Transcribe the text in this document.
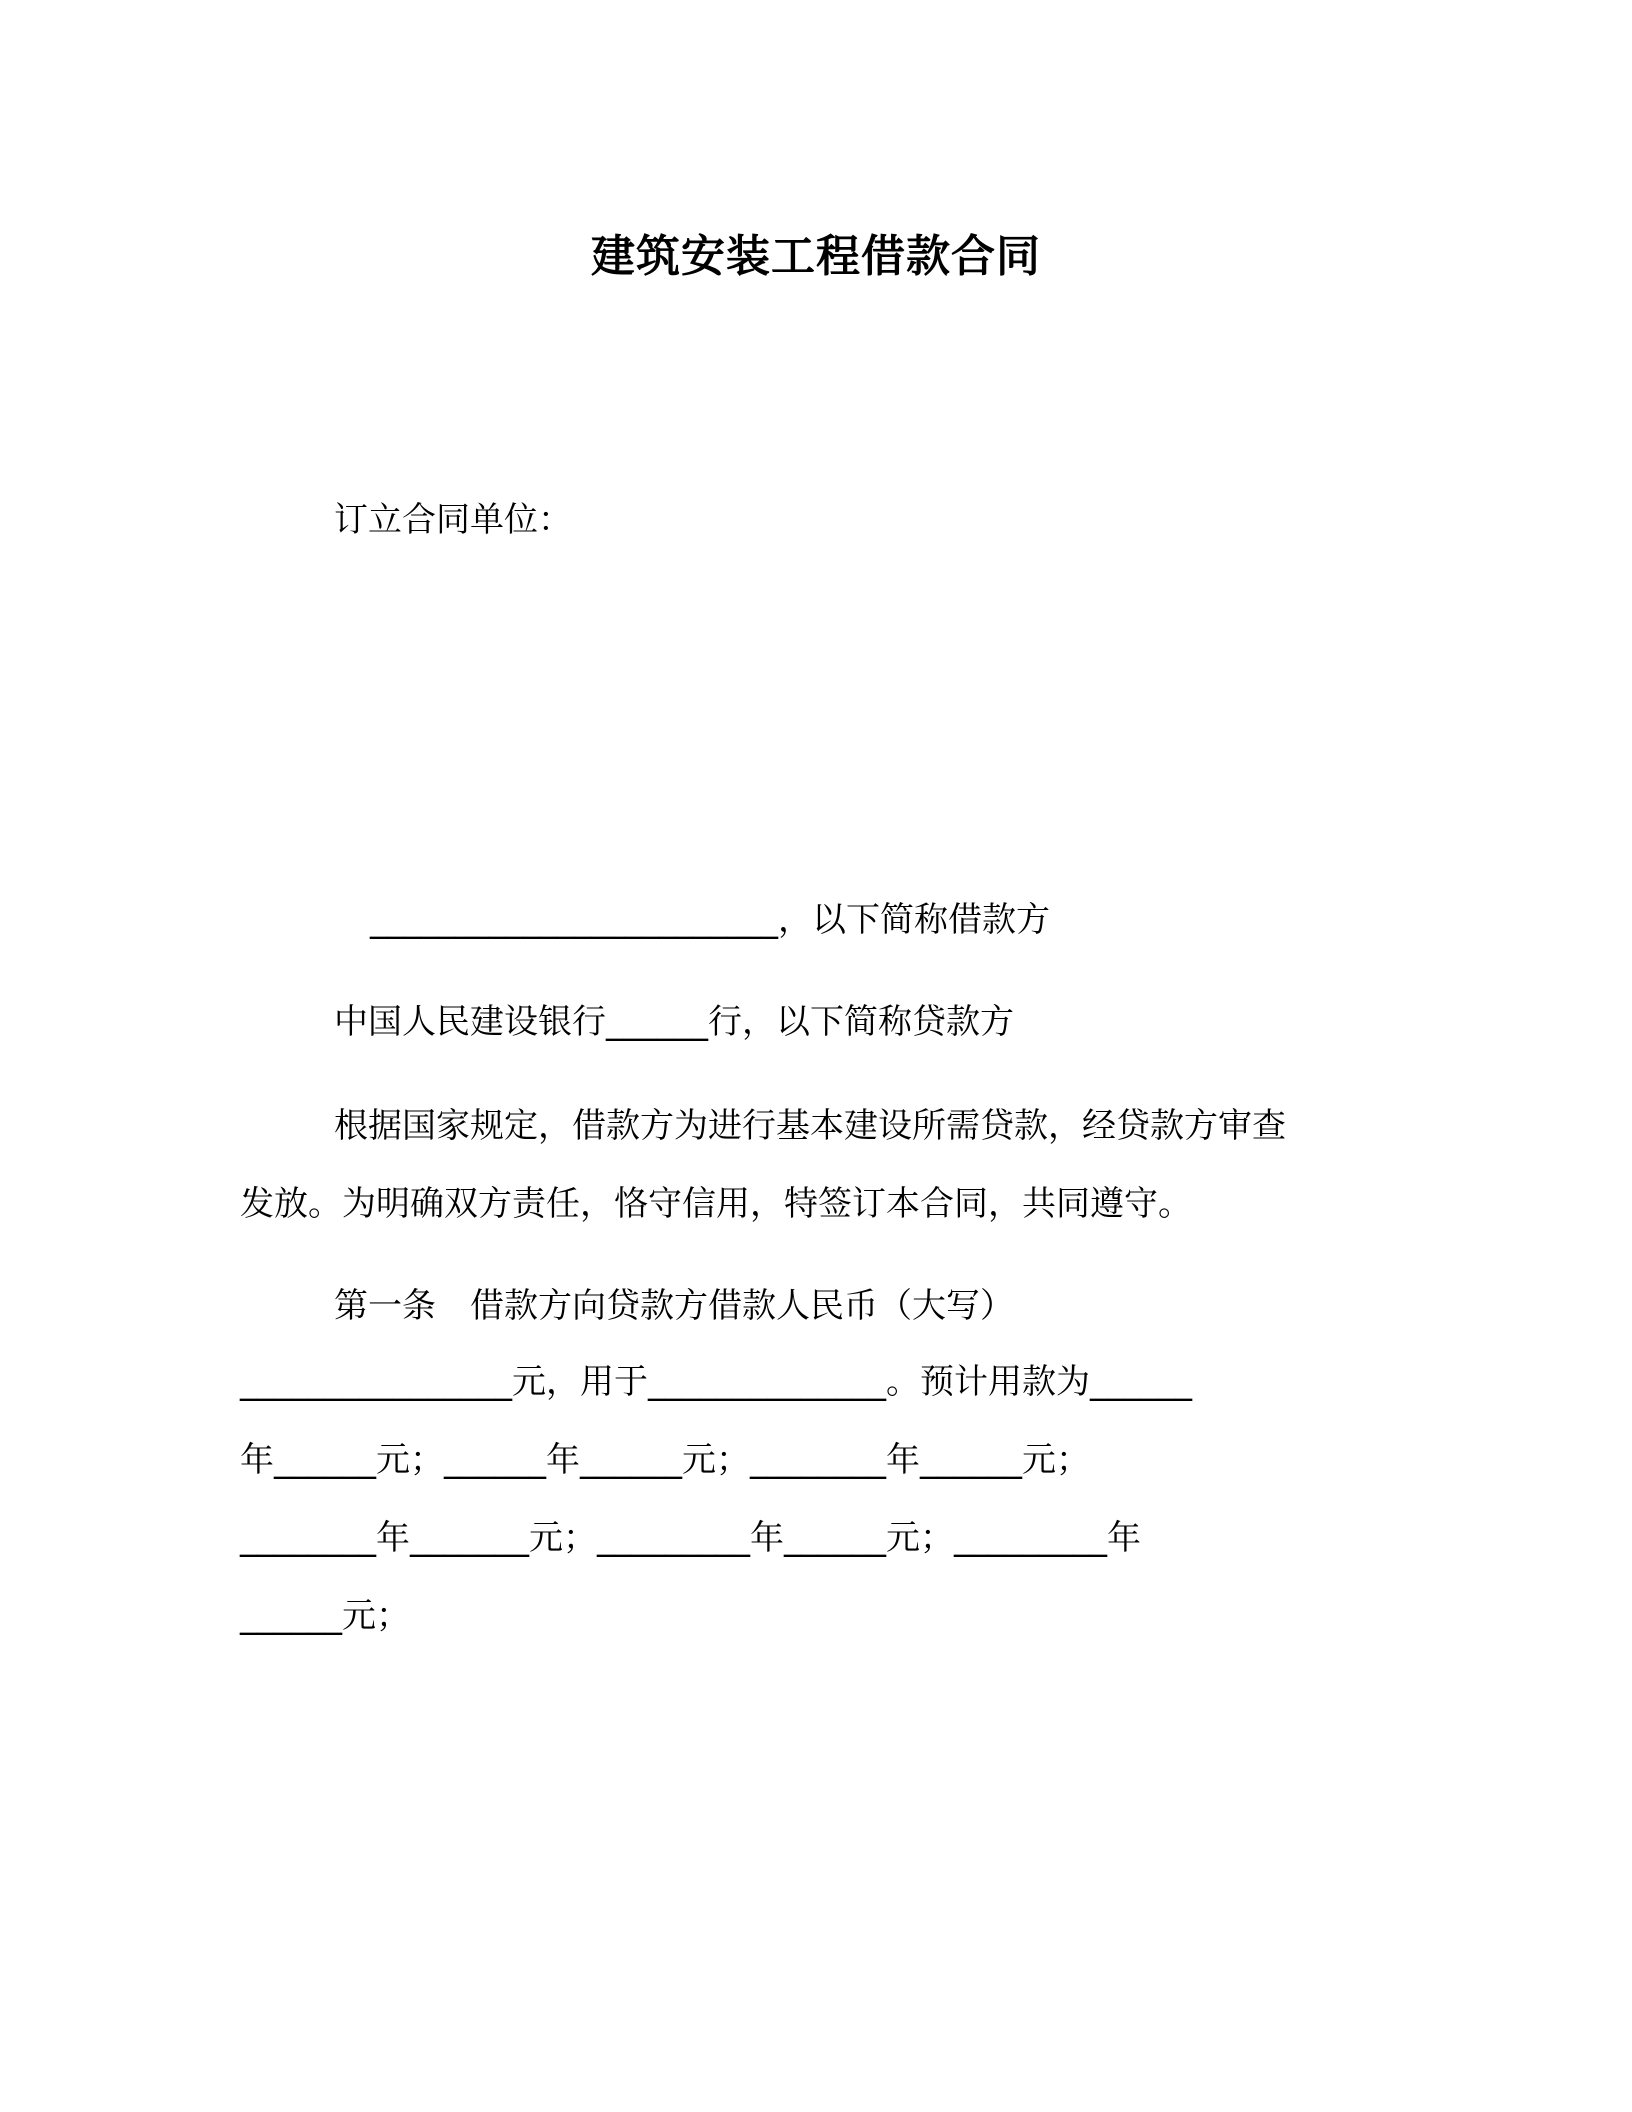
建筑安装工程借款合同
订立合同单位：
________________________，以下简称借款方
中国人民建设银行______行，以下简称贷款方
根据国家规定，借款方为进行基本建设所需贷款，经贷款方审查
发放。为明确双方责任，恪守信用，特签订本合同，共同遵守。
第一条　借款方向贷款方借款人民币（大写）
________________元，用于______________。预计用款为______
年______元；______年______元；________年______元；
________年_______元；_________年______元；_________年
______元；
